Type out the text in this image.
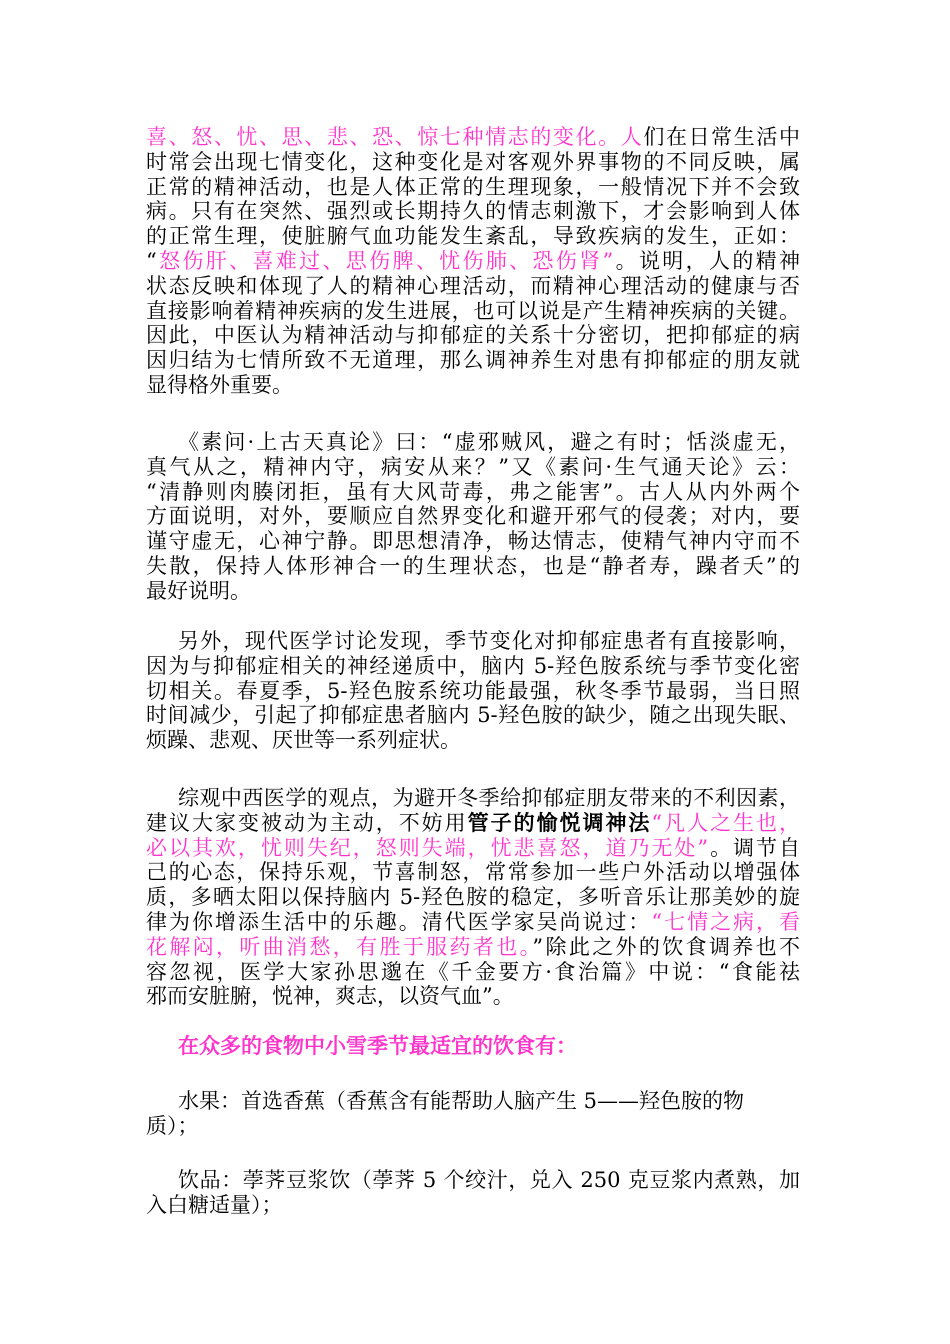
喜、怒、忧、思、悲、恐、惊七种情志的变化。人们在日常生活中
时常会出现七情变化，这种变化是对客观外界事物的不同反映，属
正常的精神活动，也是人体正常的生理现象，一般情况下并不会致
病。只有在突然、强烈或长期持久的情志刺激下，才会影响到人体
的正常生理，使脏腑气血功能发生紊乱，导致疾病的发生，正如：
“怒伤肝、喜难过、思伤脾、忧伤肺、恐伤肾”。说明，人的精神
状态反映和体现了人的精神心理活动，而精神心理活动的健康与否
直接影响着精神疾病的发生进展，也可以说是产生精神疾病的关键。
因此，中医认为精神活动与抑郁症的关系十分密切，把抑郁症的病
因归结为七情所致不无道理，那么调神养生对患有抑郁症的朋友就
显得格外重要。
《素问·上古天真论》曰：“虚邪贼风，避之有时；恬淡虚无，
真气从之，精神内守，病安从来？”又《素问·生气通天论》云：
“清静则肉腠闭拒，虽有大风苛毒，弗之能害”。古人从内外两个
方面说明，对外，要顺应自然界变化和避开邪气的侵袭；对内，要
谨守虚无，心神宁静。即思想清净，畅达情志，使精气神内守而不
失散，保持人体形神合一的生理状态，也是“静者寿，躁者夭”的
最好说明。
另外，现代医学讨论发现，季节变化对抑郁症患者有直接影响，
因为与抑郁症相关的神经递质中，脑内 5-羟色胺系统与季节变化密
切相关。春夏季，5-羟色胺系统功能最强，秋冬季节最弱，当日照
时间减少，引起了抑郁症患者脑内 5-羟色胺的缺少，随之出现失眠、
烦躁、悲观、厌世等一系列症状。
综观中西医学的观点，为避开冬季给抑郁症朋友带来的不利因素，
建议大家变被动为主动，不妨用管子的愉悦调神法“凡人之生也，
必以其欢，忧则失纪，怒则失端，忧悲喜怒，道乃无处”。调节自
己的心态，保持乐观，节喜制怒，常常参加一些户外活动以增强体
质，多晒太阳以保持脑内 5-羟色胺的稳定，多听音乐让那美妙的旋
律为你增添生活中的乐趣。清代医学家吴尚说过：“七情之病，看
花解闷，听曲消愁，有胜于服药者也。”除此之外的饮食调养也不
容忽视，医学大家孙思邈在《千金要方·食治篇》中说：“食能祛
邪而安脏腑，悦神，爽志，以资气血”。
在众多的食物中小雪季节最适宜的饮食有：
水果：首选香蕉（香蕉含有能帮助人脑产生 5——羟色胺的物
质）；
饮品：荸荠豆浆饮（荸荠 5 个绞汁，兑入 250 克豆浆内煮熟，加
入白糖适量）；
